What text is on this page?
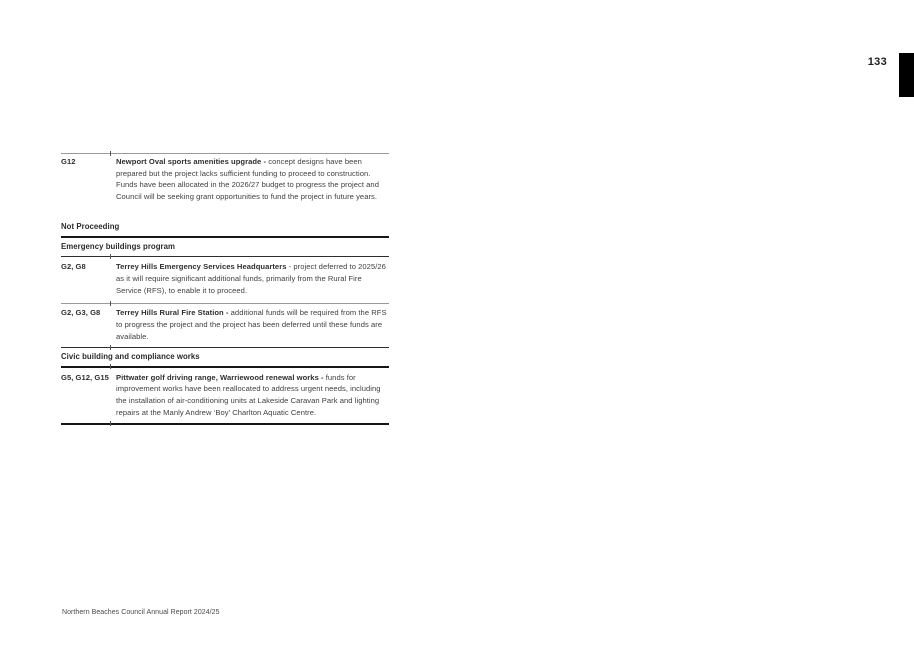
133
G12	Newport Oval sports amenities upgrade - concept designs have been prepared but the project lacks sufficient funding to proceed to construction. Funds have been allocated in the 2026/27 budget to progress the project and Council will be seeking grant opportunities to fund the project in future years.
Not Proceeding
Emergency buildings program
G2, G8	Terrey Hills Emergency Services Headquarters - project deferred to 2025/26 as it will require significant additional funds, primarily from the Rural Fire Service (RFS), to enable it to proceed.
G2, G3, G8	Terrey Hills Rural Fire Station - additional funds will be required from the RFS to progress the project and the project has been deferred until these funds are available.
Civic building and compliance works
G5, G12, G15 Pittwater golf driving range, Warriewood renewal works - funds for improvement works have been reallocated to address urgent needs, including the installation of air-conditioning units at Lakeside Caravan Park and lighting repairs at the Manly Andrew ‘Boy’ Charlton Aquatic Centre.
Northern Beaches Council Annual Report 2024/25
